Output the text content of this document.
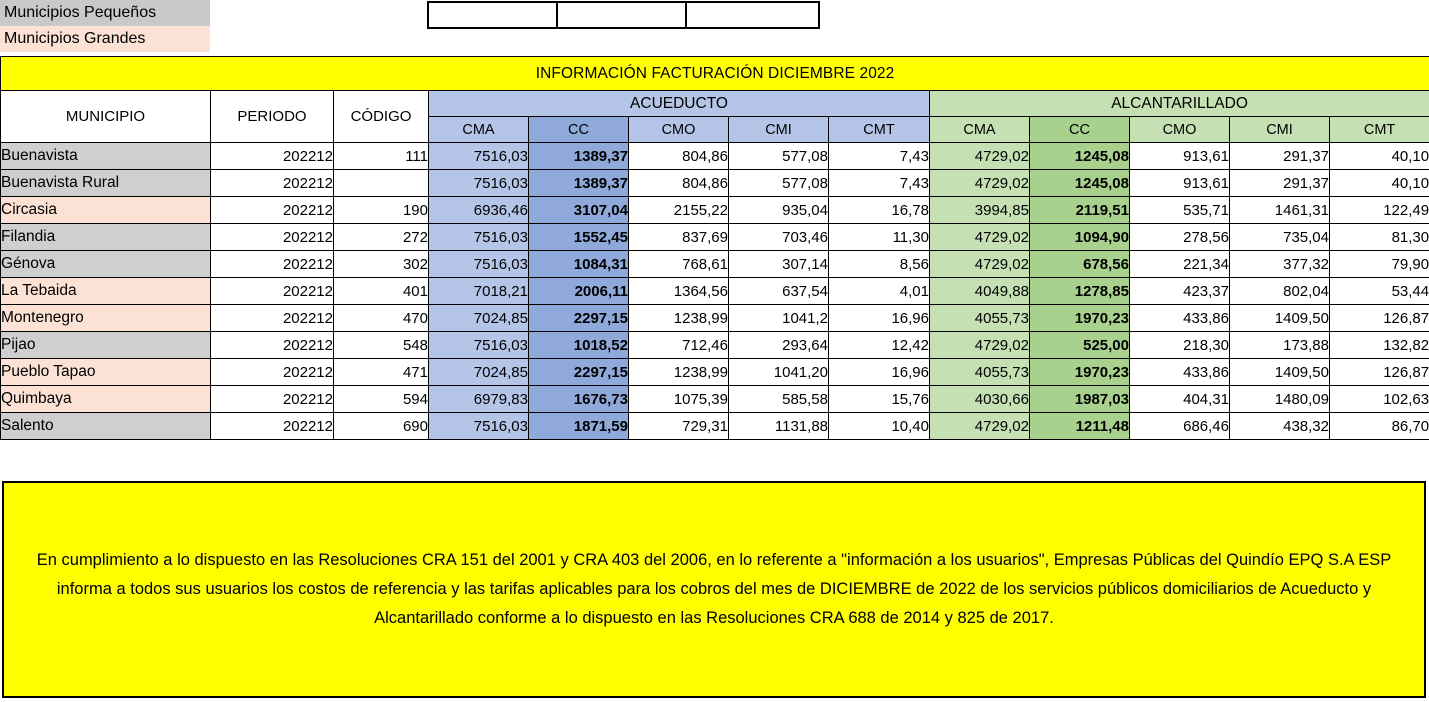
Municipios Pequeños
Municipios Grandes
INFORMACIÓN FACTURACIÓN DICIEMBRE 2022												
MUNICIPIO	PERIODO	CÓDIGO	ACUEDUCTO					ALCANTARILLADO				
			CMA	CC	CMO	CMI	CMT	CMA	CC	CMO	CMI	CMT
Buenavista	202212	111	7516,03	1389,37	804,86	577,08	7,43	4729,02	1245,08	913,61	291,37	40,10
Buenavista Rural	202212		7516,03	1389,37	804,86	577,08	7,43	4729,02	1245,08	913,61	291,37	40,10
Circasia	202212	190	6936,46	3107,04	2155,22	935,04	16,78	3994,85	2119,51	535,71	1461,31	122,49
Filandia	202212	272	7516,03	1552,45	837,69	703,46	11,30	4729,02	1094,90	278,56	735,04	81,30
Génova	202212	302	7516,03	1084,31	768,61	307,14	8,56	4729,02	678,56	221,34	377,32	79,90
La Tebaida	202212	401	7018,21	2006,11	1364,56	637,54	4,01	4049,88	1278,85	423,37	802,04	53,44
Montenegro	202212	470	7024,85	2297,15	1238,99	1041,2	16,96	4055,73	1970,23	433,86	1409,50	126,87
Pijao	202212	548	7516,03	1018,52	712,46	293,64	12,42	4729,02	525,00	218,30	173,88	132,82
Pueblo Tapao	202212	471	7024,85	2297,15	1238,99	1041,20	16,96	4055,73	1970,23	433,86	1409,50	126,87
Quimbaya	202212	594	6979,83	1676,73	1075,39	585,58	15,76	4030,66	1987,03	404,31	1480,09	102,63
Salento	202212	690	7516,03	1871,59	729,31	1131,88	10,40	4729,02	1211,48	686,46	438,32	86,70

En cumplimiento a lo dispuesto en las Resoluciones CRA 151 del 2001 y CRA 403 del 2006, en lo referente a "información a los usuarios", Empresas Públicas del Quindío EPQ S.A ESP informa a todos sus usuarios los costos de referencia y las tarifas aplicables para los cobros del mes de DICIEMBRE de 2022 de los servicios públicos domiciliarios de Acueducto y Alcantarillado conforme a lo dispuesto en las Resoluciones CRA 688 de 2014 y 825 de 2017.
